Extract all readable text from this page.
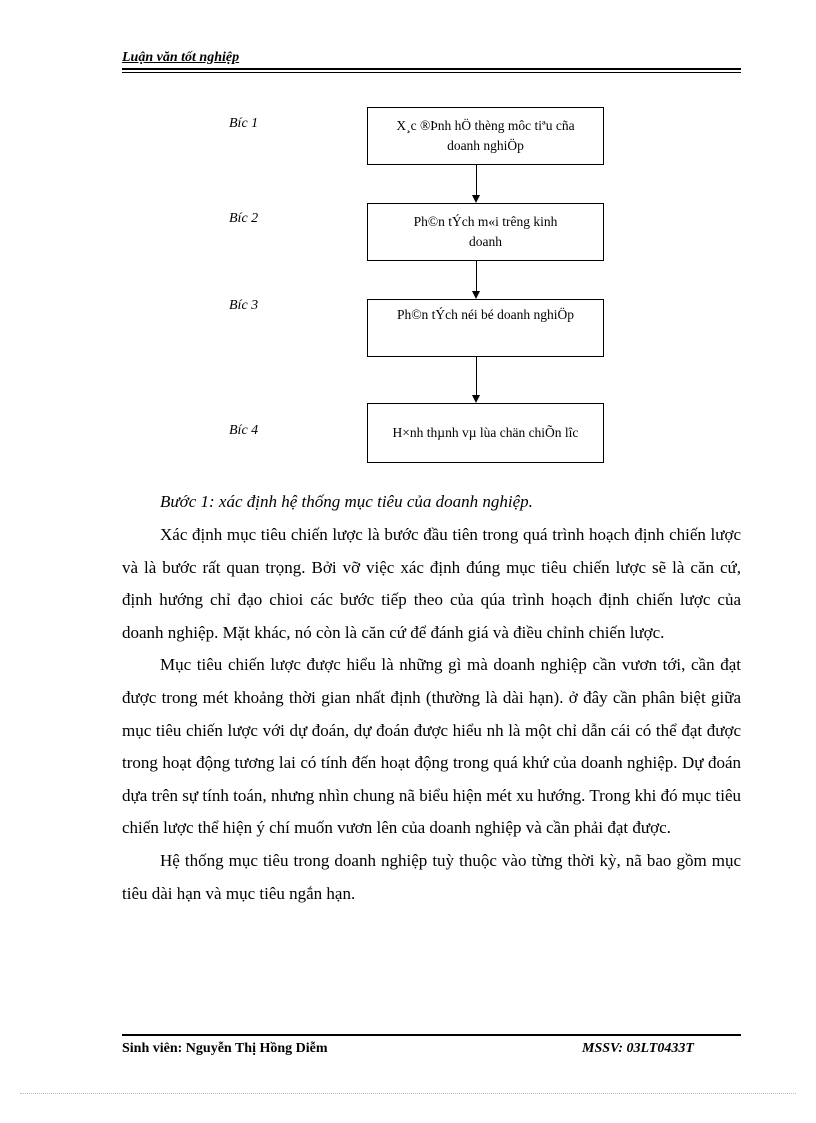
Luận văn tốt nghiệp
Bíc 1	X¸c ®Þnh hÖ thèng môc tiªu cña doanh nghiÖp
Bíc 2	Ph©n tÝch m«i trêng kinh doanh
Bíc 3
Ph©n tÝch néi bé doanh nghiÖp
Bíc 4	H×nh thµnh vµ lùa chän chiÕn lîc
Bước 1: xác định hệ thống mục tiêu của doanh nghiệp.

Xác định mục tiêu chiến lược là bước đầu tiên trong quá trình hoạch định chiến lược và là bước rất quan trọng. Bởi vỡ việc xác định đúng mục tiêu chiến lược sẽ là căn cứ, định hướng chỉ đạo chioi các bước tiếp theo của qúa trình hoạch định chiến lược của doanh nghiệp. Mặt khác, nó còn là căn cứ để đánh giá và điều chỉnh chiến lược.

Mục tiêu chiến lược được hiểu là những gì mà doanh nghiệp cần vươn tới, cần đạt được trong mét khoảng thời gian nhất định (thường là dài hạn). ở đây cần phân biệt giữa mục tiêu chiến lược với dự đoán, dự đoán được hiểu nh là một chỉ dẫn cái có thể đạt được trong hoạt động tương lai có tính đến hoạt động trong quá khứ của doanh nghiệp. Dự đoán dựa trên sự tính toán, nhưng nhìn chung nã biểu hiện mét xu hướng. Trong khi đó mục tiêu chiến lược thể hiện ý chí muốn vươn lên của doanh nghiệp và cần phải đạt được.

Hệ thống mục tiêu trong doanh nghiệp tuỳ thuộc vào từng thời kỳ, nã bao gồm mục tiêu dài hạn và mục tiêu ngắn hạn.

Sinh viên: Nguyễn Thị Hồng Diễm	MSSV: 03LT0433T
